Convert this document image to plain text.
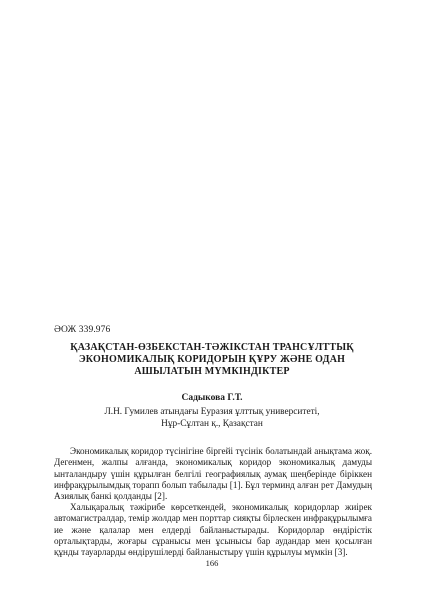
ӘОЖ 339.976
ҚАЗАҚСТАН-ӨЗБЕКСТАН-ТӘЖІКСТАН ТРАНСҰЛТТЫҚ
ЭКОНОМИКАЛЫҚ КОРИДОРЫН ҚҰРУ ЖӘНЕ ОДАН
АШЫЛАТЫН МҮМКІНДІКТЕР
Садыкова Г.Т.
Л.Н. Гумилев атындағы Еуразия ұлттық университеті,
Нұр-Сұлтан қ., Қазақстан
Экономикалық коридор түсінігіне біргейі түсінік болатындай анықтама жоқ. Дегенмен, жалпы алғанда, экономикалық коридор экономикалық дамуды ынталандыру үшін құрылған белгілі географиялық аумақ шеңберінде біріккен инфрақұрылымдық торапп болып табылады [1]. Бұл терминд алған рет Дамудың Азиялық банкі қолданды [2].
Халықаралық тәжірибе көрсеткендей, экономикалық коридорлар жиірек автомагистралдар, темір жолдар мен порттар сияқты бірлескен инфрақұрылымға ие және қалалар мен елдерді байланыстырады. Коридорлар өндірістік орталықтарды, жоғары сұранысы мен ұсынысы бар аудандар мен қосылған құнды тауарларды өндірушілерді байланыстыру үшін құрылуы мүмкін [3].
166
